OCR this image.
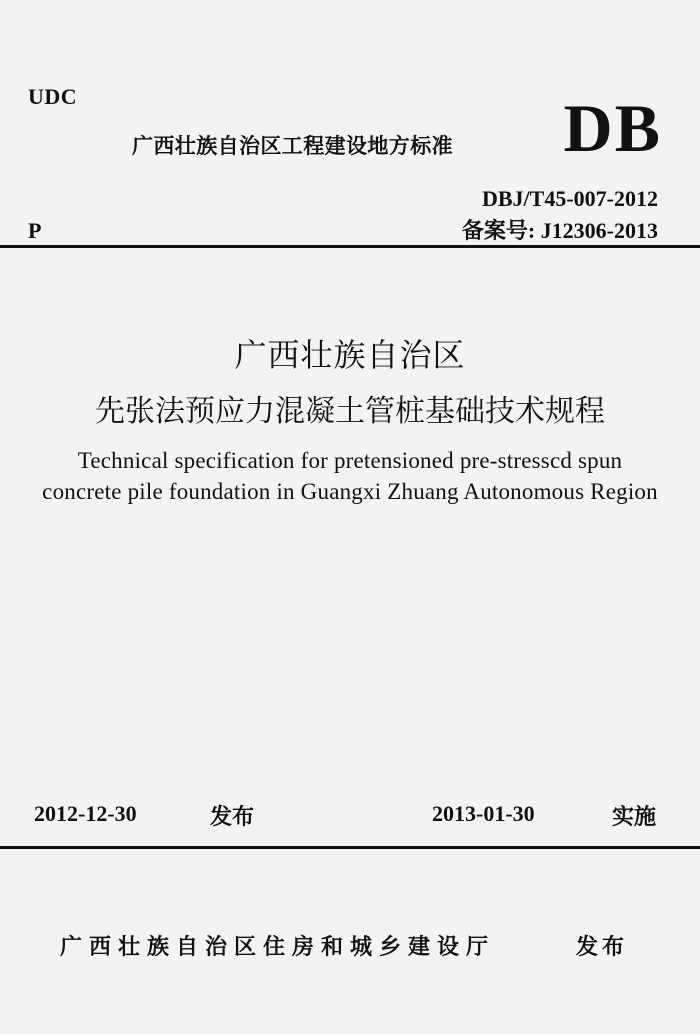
UDC
广西壮族自治区工程建设地方标准 DB
P
DBJ/T45-007-2012
备案号: J12306-2013
广西壮族自治区
先张法预应力混凝土管桩基础技术规程
Technical specification for pretensioned pre-stresscd spun
concrete pile foundation in Guangxi Zhuang Autonomous Region
2012-12-30	发布	2013-01-30	实施
广西壮族自治区住房和城乡建设厅	发布
